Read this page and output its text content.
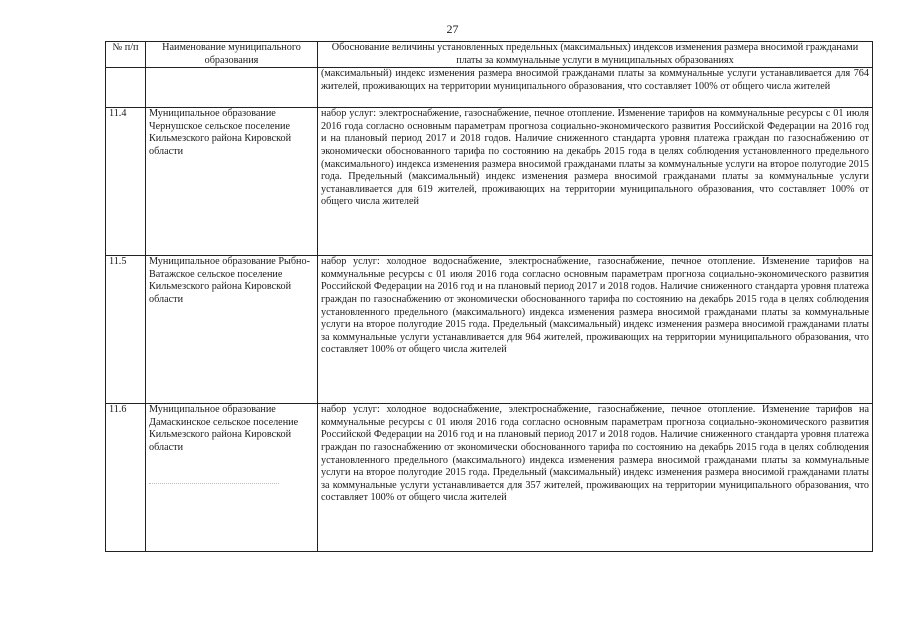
27
№ п/п	Наименование муниципального образования	Обоснование величины установленных предельных (максимальных) индексов изменения размера вносимой гражданами платы за коммунальные услуги в муниципальных образованиях
		(максимальный) индекс изменения размера вносимой гражданами платы за коммунальные услуги устанавливается для 764 жителей, проживающих на территории муниципального образования, что составляет 100% от общего числа жителей
11.4	Муниципальное образование Чернушское сельское поселение Кильмезского района Кировской области	набор услуг: электроснабжение, газоснабжение, печное отопление. Изменение тарифов на коммунальные ресурсы с 01 июля 2016 года согласно основным параметрам прогноза социально-экономического развития Российской Федерации на 2016 год и на плановый период 2017 и 2018 годов. Наличие сниженного стандарта уровня платежа граждан по газоснабжению от экономически обоснованного тарифа по состоянию на декабрь 2015 года в целях соблюдения установленного предельного (максимального) индекса изменения размера вносимой гражданами платы за коммунальные услуги на второе полугодие 2015 года. Предельный (максимальный) индекс изменения размера вносимой гражданами платы за коммунальные услуги устанавливается для 619 жителей, проживающих на территории муниципального образования, что составляет 100% от общего числа жителей
11.5	Муниципальное образование Рыбно-Ватажское сельское поселение Кильмезского района Кировской области	набор услуг: холодное водоснабжение, электроснабжение, газоснабжение, печное отопление. Изменение тарифов на коммунальные ресурсы с 01 июля 2016 года согласно основным параметрам прогноза социально-экономического развития Российской Федерации на 2016 год и на плановый период 2017 и 2018 годов. Наличие сниженного стандарта уровня платежа граждан по газоснабжению от экономически обоснованного тарифа по состоянию на декабрь 2015 года в целях соблюдения установленного предельного (максимального) индекса изменения размера вносимой гражданами платы за коммунальные услуги на второе полугодие 2015 года. Предельный (максимальный) индекс изменения размера вносимой гражданами платы за коммунальные услуги устанавливается для 964 жителей, проживающих на территории муниципального образования, что составляет 100% от общего числа жителей
11.6	Муниципальное образование Дамаскинское сельское поселение Кильмезского района Кировской области	набор услуг: холодное водоснабжение, электроснабжение, газоснабжение, печное отопление. Изменение тарифов на коммунальные ресурсы с 01 июля 2016 года согласно основным параметрам прогноза социально-экономического развития Российской Федерации на 2016 год и на плановый период 2017 и 2018 годов. Наличие сниженного стандарта уровня платежа граждан по газоснабжению от экономически обоснованного тарифа по состоянию на декабрь 2015 года в целях соблюдения установленного предельного (максимального) индекса изменения размера вносимой гражданами платы за коммунальные услуги на второе полугодие 2015 года. Предельный (максимальный) индекс изменения размера вносимой гражданами платы за коммунальные услуги устанавливается для 357 жителей, проживающих на территории муниципального образования, что составляет 100% от общего числа жителей
